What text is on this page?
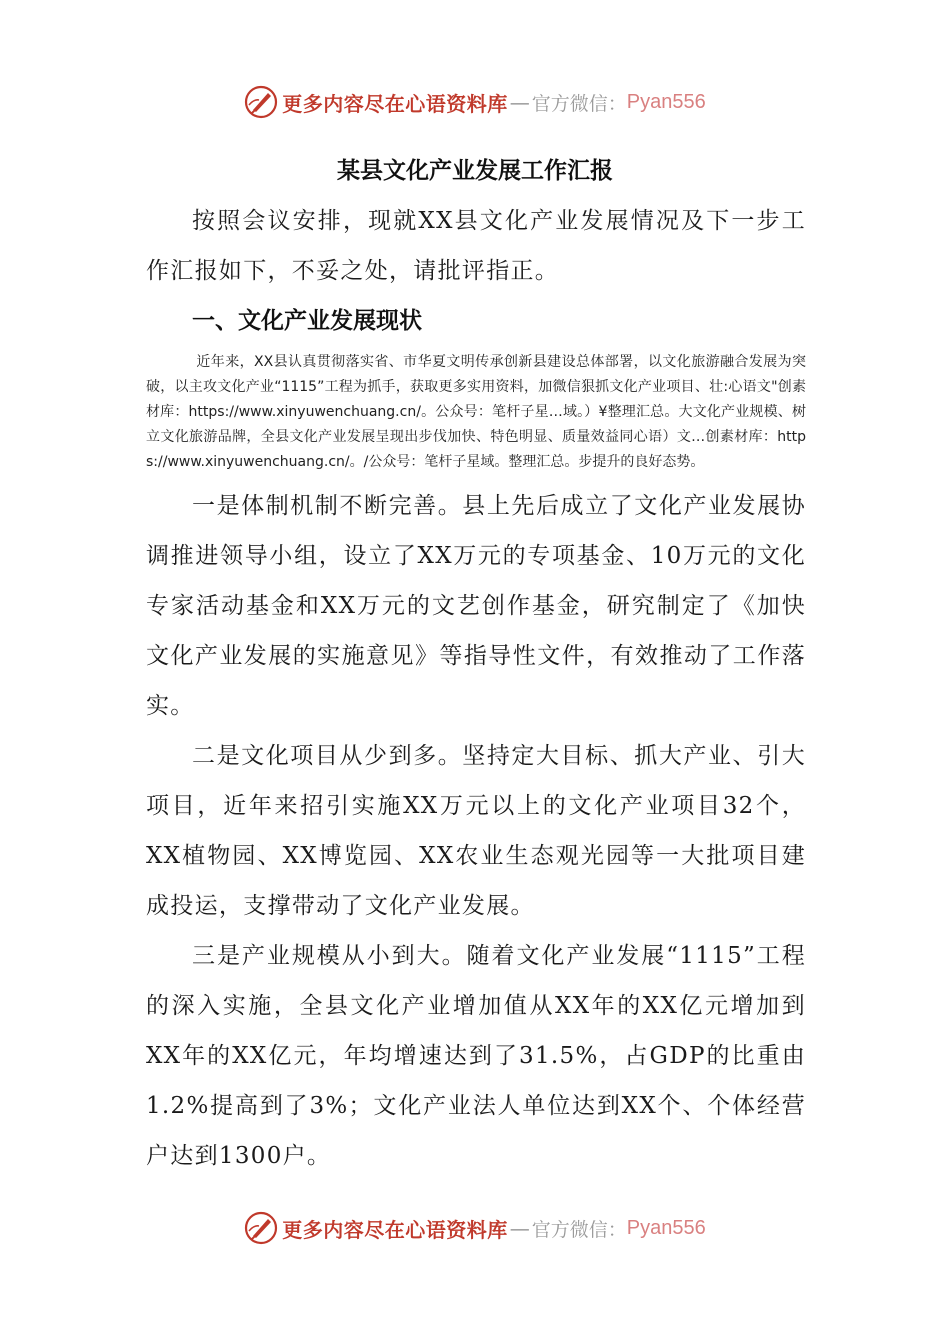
更多内容尽在心语资料库 — 官方微信： Pyan556
某县文化产业发展工作汇报

按照会议安排，现就XX县文化产业发展情况及下一步工作汇报如下，不妥之处，请批评指正。

一、文化产业发展现状

近年来，XX县认真贯彻落实省、市华夏文明传承创新县建设总体部署，以文化旅游融合发展为突破，以主攻文化产业“1115”工程为抓手，获取更多实用资料，加微信狠抓文化产业项目、壮:心语文"创素材库：https://www.xinyuwenchuang.cn/。公众号：笔杆子星…域。）¥整理汇总。大文化产业规模、树立文化旅游品牌，全县文化产业发展呈现出步伐加快、特色明显、质量效益同心语）文…创素材库：https://www.xinyuwenchuang.cn/。/公众号：笔杆子星域。整理汇总。步提升的良好态势。

一是体制机制不断完善。县上先后成立了文化产业发展协调推进领导小组，设立了XX万元的专项基金、10万元的文化专家活动基金和XX万元的文艺创作基金，研究制定了《加快文化产业发展的实施意见》等指导性文件，有效推动了工作落实。

二是文化项目从少到多。坚持定大目标、抓大产业、引大项目，近年来招引实施XX万元以上的文化产业项目32个，XX植物园、XX博览园、XX农业生态观光园等一大批项目建成投运，支撑带动了文化产业发展。

三是产业规模从小到大。随着文化产业发展“1115”工程的深入实施，全县文化产业增加值从XX年的XX亿元增加到XX年的XX亿元，年均增速达到了31.5%，占GDP的比重由1.2%提高到了3%；文化产业法人单位达到XX个、个体经营户达到1300户。

更多内容尽在心语资料库 — 官方微信： Pyan556
